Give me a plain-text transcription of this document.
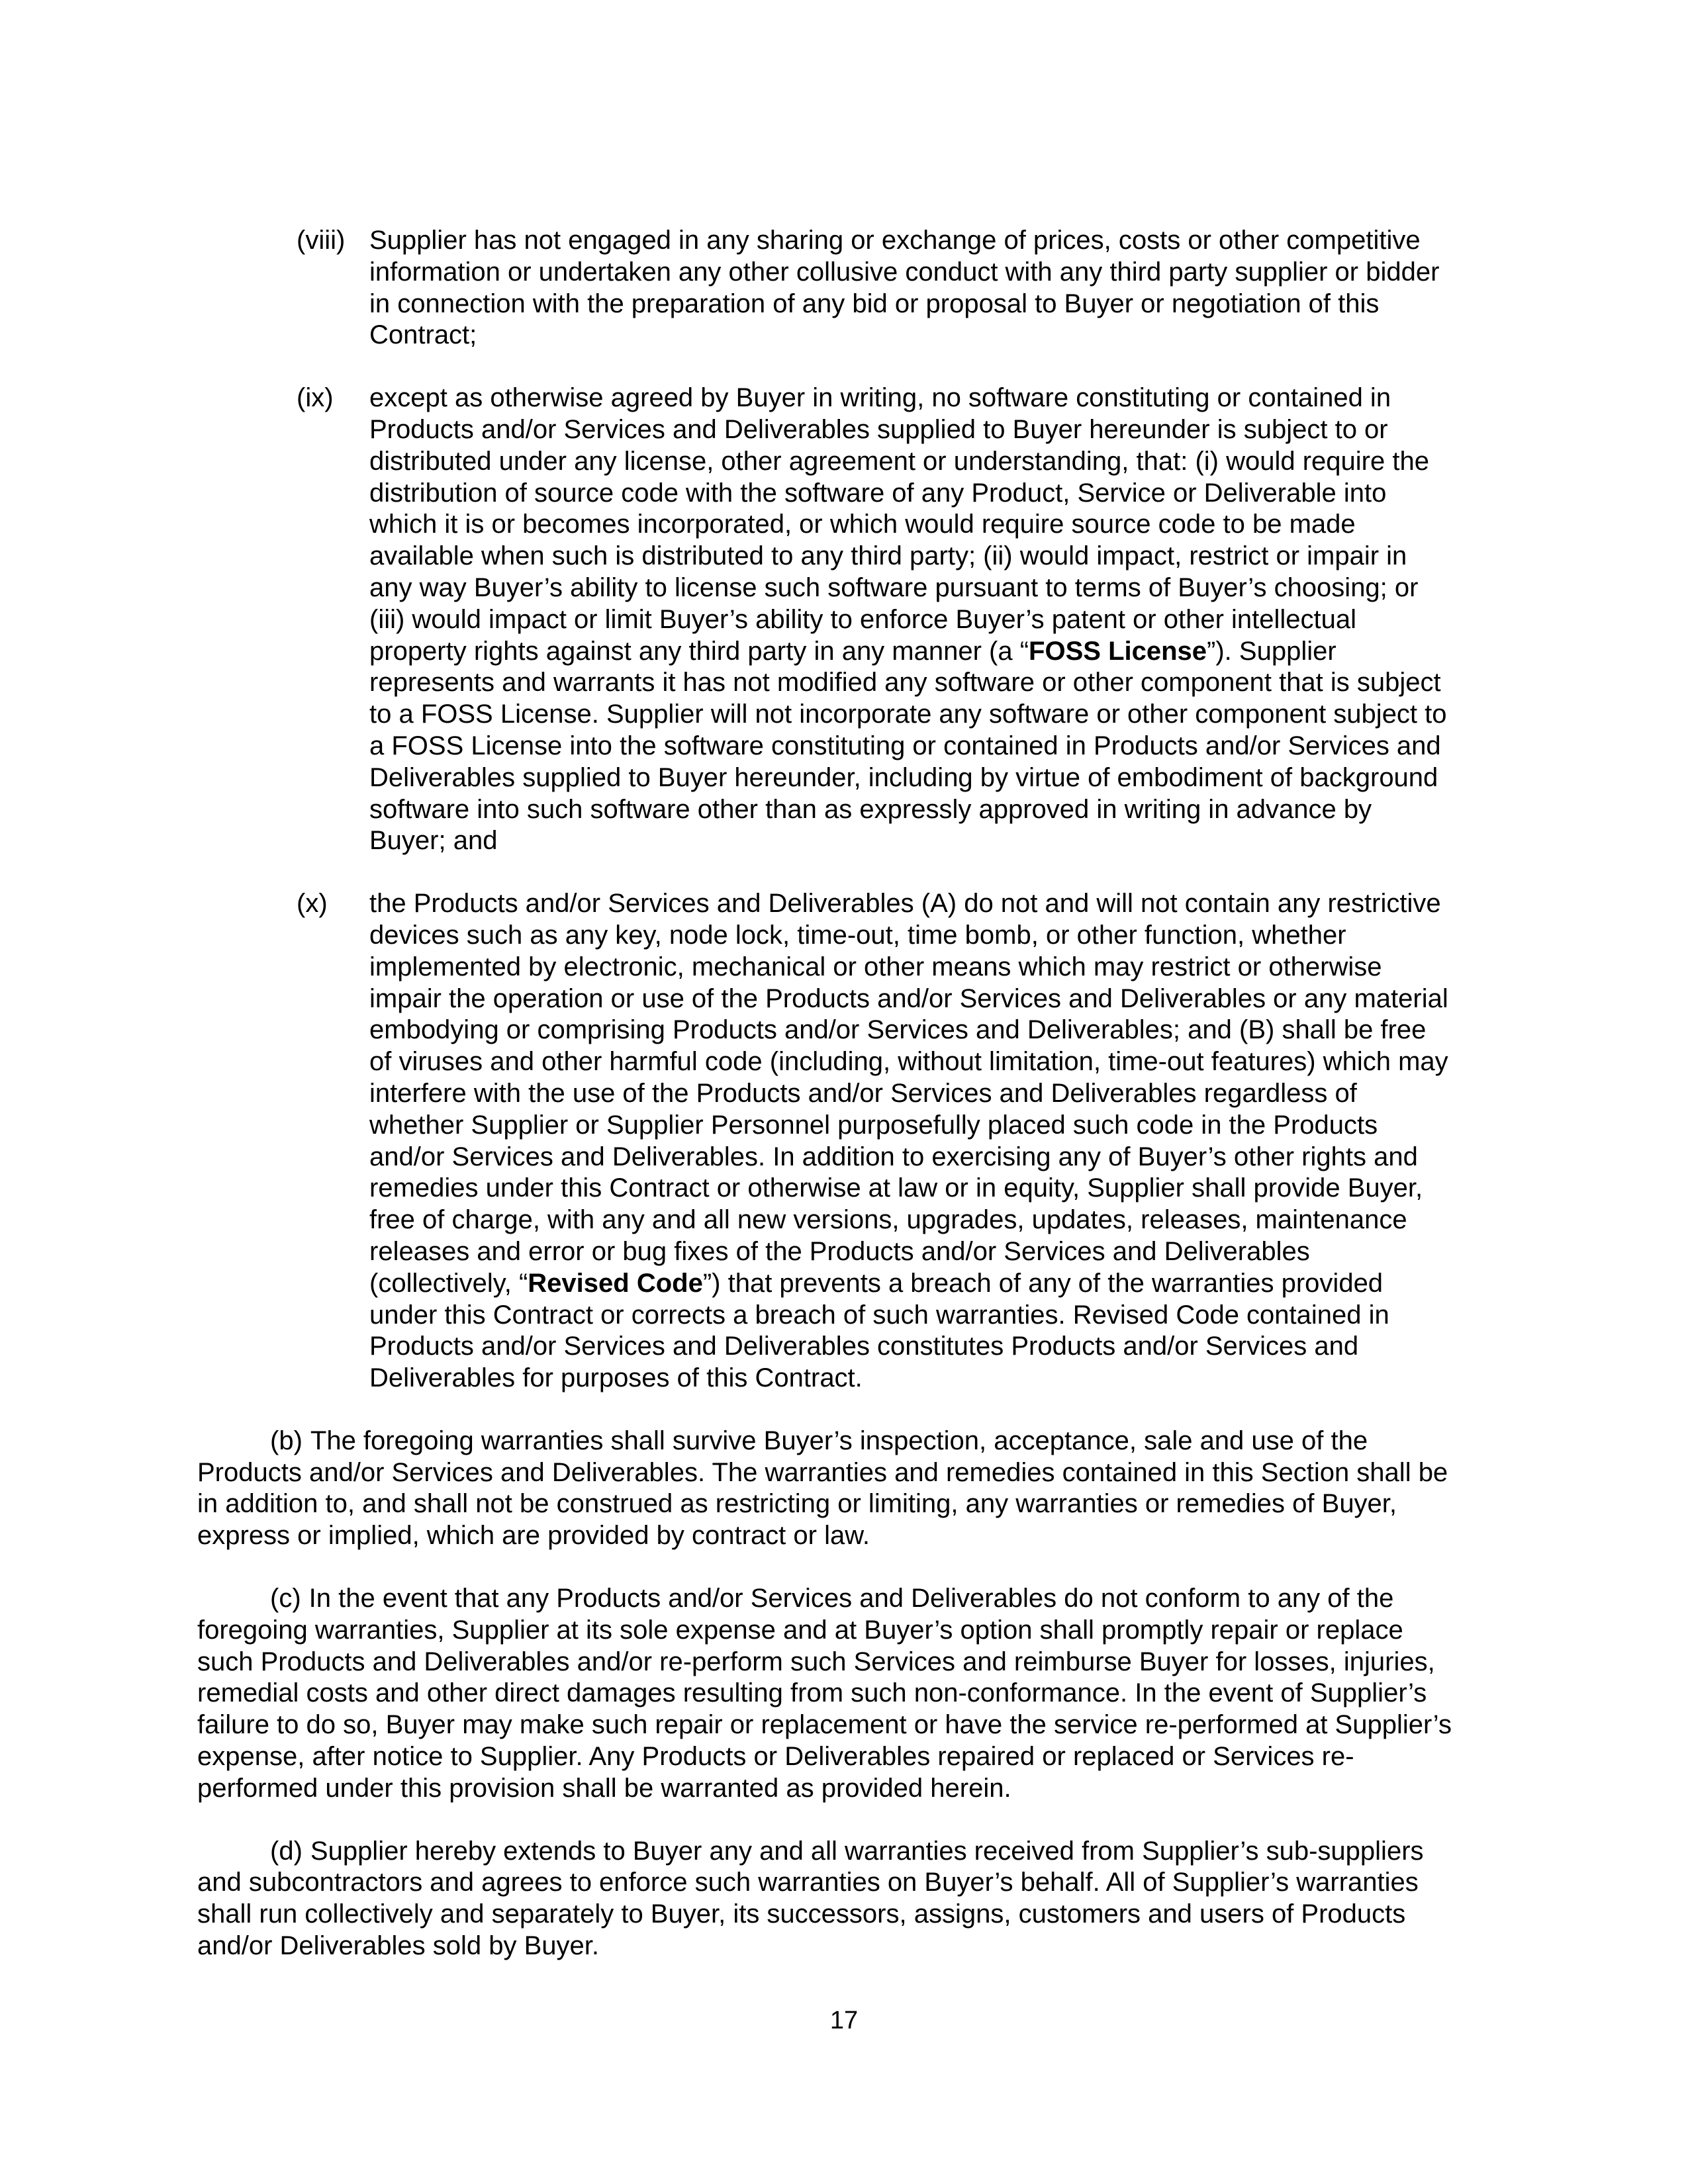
(viii) Supplier has not engaged in any sharing or exchange of prices, costs or other competitive information or undertaken any other collusive conduct with any third party supplier or bidder in connection with the preparation of any bid or proposal to Buyer or negotiation of this Contract;
(ix)	except as otherwise agreed by Buyer in writing, no software constituting or contained in Products and/or Services and Deliverables supplied to Buyer hereunder is subject to or distributed under any license, other agreement or understanding, that: (i) would require the distribution of source code with the software of any Product, Service or Deliverable into which it is or becomes incorporated, or which would require source code to be made available when such is distributed to any third party; (ii) would impact, restrict or impair in any way Buyer’s ability to license such software pursuant to terms of Buyer’s choosing; or (iii) would impact or limit Buyer’s ability to enforce Buyer’s patent or other intellectual property rights against any third party in any manner (a “FOSS License”). Supplier represents and warrants it has not modified any software or other component that is subject to a FOSS License. Supplier will not incorporate any software or other component subject to a FOSS License into the software constituting or contained in Products and/or Services and Deliverables supplied to Buyer hereunder, including by virtue of embodiment of background software into such software other than as expressly approved in writing in advance by Buyer; and
(x)	the Products and/or Services and Deliverables (A) do not and will not contain any restrictive devices such as any key, node lock, time-out, time bomb, or other function, whether implemented by electronic, mechanical or other means which may restrict or otherwise impair the operation or use of the Products and/or Services and Deliverables or any material embodying or comprising Products and/or Services and Deliverables; and (B) shall be free of viruses and other harmful code (including, without limitation, time-out features) which may interfere with the use of the Products and/or Services and Deliverables regardless of whether Supplier or Supplier Personnel purposefully placed such code in the Products and/or Services and Deliverables. In addition to exercising any of Buyer’s other rights and remedies under this Contract or otherwise at law or in equity, Supplier shall provide Buyer, free of charge, with any and all new versions, upgrades, updates, releases, maintenance releases and error or bug fixes of the Products and/or Services and Deliverables (collectively, “Revised Code”) that prevents a breach of any of the warranties provided under this Contract or corrects a breach of such warranties. Revised Code contained in Products and/or Services and Deliverables constitutes Products and/or Services and Deliverables for purposes of this Contract.

(b) The foregoing warranties shall survive Buyer’s inspection, acceptance, sale and use of the Products and/or Services and Deliverables. The warranties and remedies contained in this Section shall be in addition to, and shall not be construed as restricting or limiting, any warranties or remedies of Buyer, express or implied, which are provided by contract or law.

(c) In the event that any Products and/or Services and Deliverables do not conform to any of the foregoing warranties, Supplier at its sole expense and at Buyer’s option shall promptly repair or replace such Products and Deliverables and/or re-perform such Services and reimburse Buyer for losses, injuries, remedial costs and other direct damages resulting from such non-conformance. In the event of Supplier’s failure to do so, Buyer may make such repair or replacement or have the service re-performed at Supplier’s expense, after notice to Supplier. Any Products or Deliverables repaired or replaced or Services re-performed under this provision shall be warranted as provided herein.

(d) Supplier hereby extends to Buyer any and all warranties received from Supplier’s sub-suppliers and subcontractors and agrees to enforce such warranties on Buyer’s behalf. All of Supplier’s warranties shall run collectively and separately to Buyer, its successors, assigns, customers and users of Products and/or Deliverables sold by Buyer.

17
